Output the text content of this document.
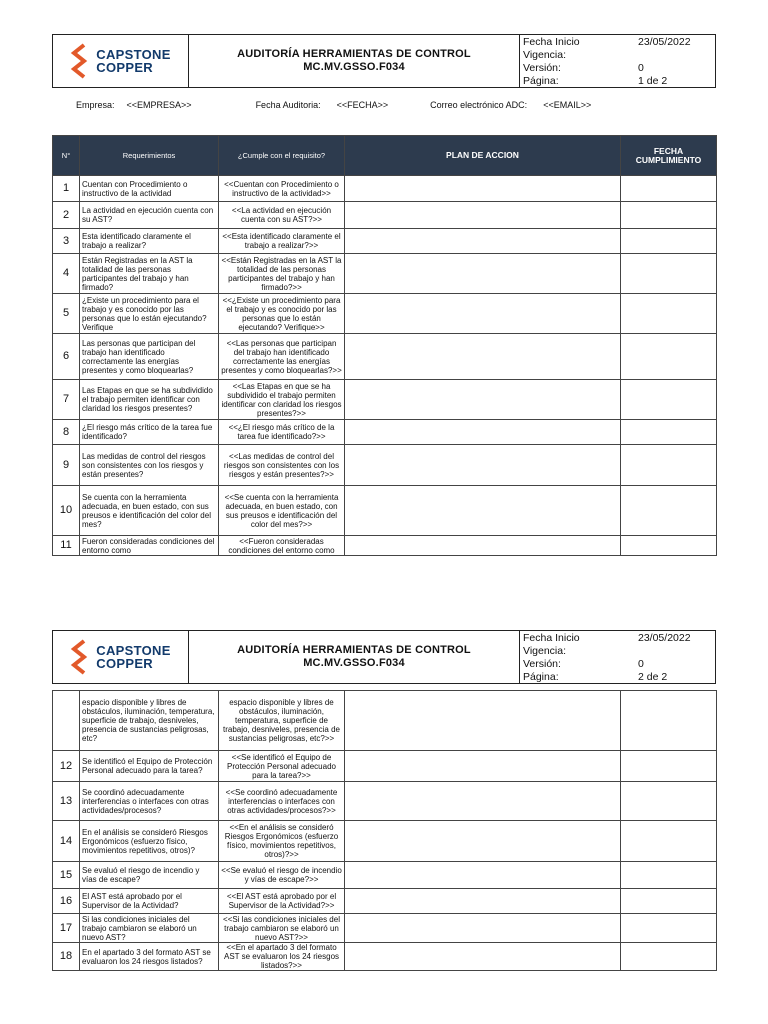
CAPSTONE
COPPER
AUDITORÍA HERRAMIENTAS DE CONTROL
MC.MV.GSSO.F034
Fecha Inicio	23/05/2022
Vigencia:
Versión:	0
Página:	1 de 2
Empresa: <<EMPRESA>>	Fecha Auditoria: <<FECHA>>	Correo electrónico ADC: <<EMAIL>>
N°	Requerimientos	¿Cumple con el requisito?	PLAN DE ACCION	FECHA CUMPLIMIENTO
1	Cuentan con Procedimiento o instructivo de la actividad	<<Cuentan con Procedimiento o instructivo de la actividad>>		
2	La actividad en ejecución cuenta con su AST?	<<La actividad en ejecución cuenta con su AST?>>		
3	Esta identificado claramente el trabajo a realizar?	<<Esta identificado claramente el trabajo a realizar?>>		
4	Están Registradas en la AST la totalidad de las personas participantes del trabajo y han firmado?	<<Están Registradas en la AST la totalidad de las personas participantes del trabajo y han firmado?>>		
5	¿Existe un procedimiento para el trabajo y es conocido por las personas que lo están ejecutando? Verifique	<<¿Existe un procedimiento para el trabajo y es conocido por las personas que lo están ejecutando? Verifique>>		
6	Las personas que participan del trabajo han identificado correctamente las energías presentes y como bloquearlas?	<<Las personas que participan del trabajo han identificado correctamente las energías presentes y como bloquearlas?>>		
7	Las Etapas en que se ha subdividido el trabajo permiten identificar con claridad los riesgos presentes?	<<Las Etapas en que se ha subdividido el trabajo permiten identificar con claridad los riesgos presentes?>>		
8	¿El riesgo más crítico de la tarea fue identificado?	<<¿El riesgo más crítico de la tarea fue identificado?>>		
9	Las medidas de control del riesgos son consistentes con los riesgos y están presentes?	<<Las medidas de control del riesgos son consistentes con los riesgos y están presentes?>>		
10	Se cuenta con la herramienta adecuada, en buen estado, con sus preusos e identificación del color del mes?	<<Se cuenta con la herramienta adecuada, en buen estado, con sus preusos e identificación del color del mes?>>		
11	Fueron consideradas condiciones del entorno como	<<Fueron consideradas condiciones del entorno como		
CAPSTONE
COPPER
AUDITORÍA HERRAMIENTAS DE CONTROL
MC.MV.GSSO.F034
Fecha Inicio	23/05/2022
Vigencia:
Versión:	0
Página:	2 de 2
	espacio disponible y libres de obstáculos, iluminación, temperatura, superficie de trabajo, desniveles, presencia de sustancias peligrosas, etc?	espacio disponible y libres de obstáculos, iluminación, temperatura, superficie de trabajo, desniveles, presencia de sustancias peligrosas, etc?>>		
12	Se identificó el Equipo de Protección Personal adecuado para la tarea?	<<Se identificó el Equipo de Protección Personal adecuado para la tarea?>>		
13	Se coordinó adecuadamente interferencias o interfaces con otras actividades/procesos?	<<Se coordinó adecuadamente interferencias o interfaces con otras actividades/procesos?>>		
14	En el análisis se consideró Riesgos Ergonómicos (esfuerzo físico, movimientos repetitivos, otros)?	<<En el análisis se consideró Riesgos Ergonómicos (esfuerzo físico, movimientos repetitivos, otros)?>>		
15	Se evaluó el riesgo de incendio y vías de escape?	<<Se evaluó el riesgo de incendio y vías de escape?>>		
16	El AST está aprobado por el Supervisor de la Actividad?	<<El AST está aprobado por el Supervisor de la Actividad?>>		
17	Si las condiciones iniciales del trabajo cambiaron se elaboró un nuevo AST?	<<Si las condiciones iniciales del trabajo cambiaron se elaboró un nuevo AST?>>		
18	En el apartado 3 del formato AST se evaluaron los 24 riesgos listados?	<<En el apartado 3 del formato AST se evaluaron los 24 riesgos listados?>>		
